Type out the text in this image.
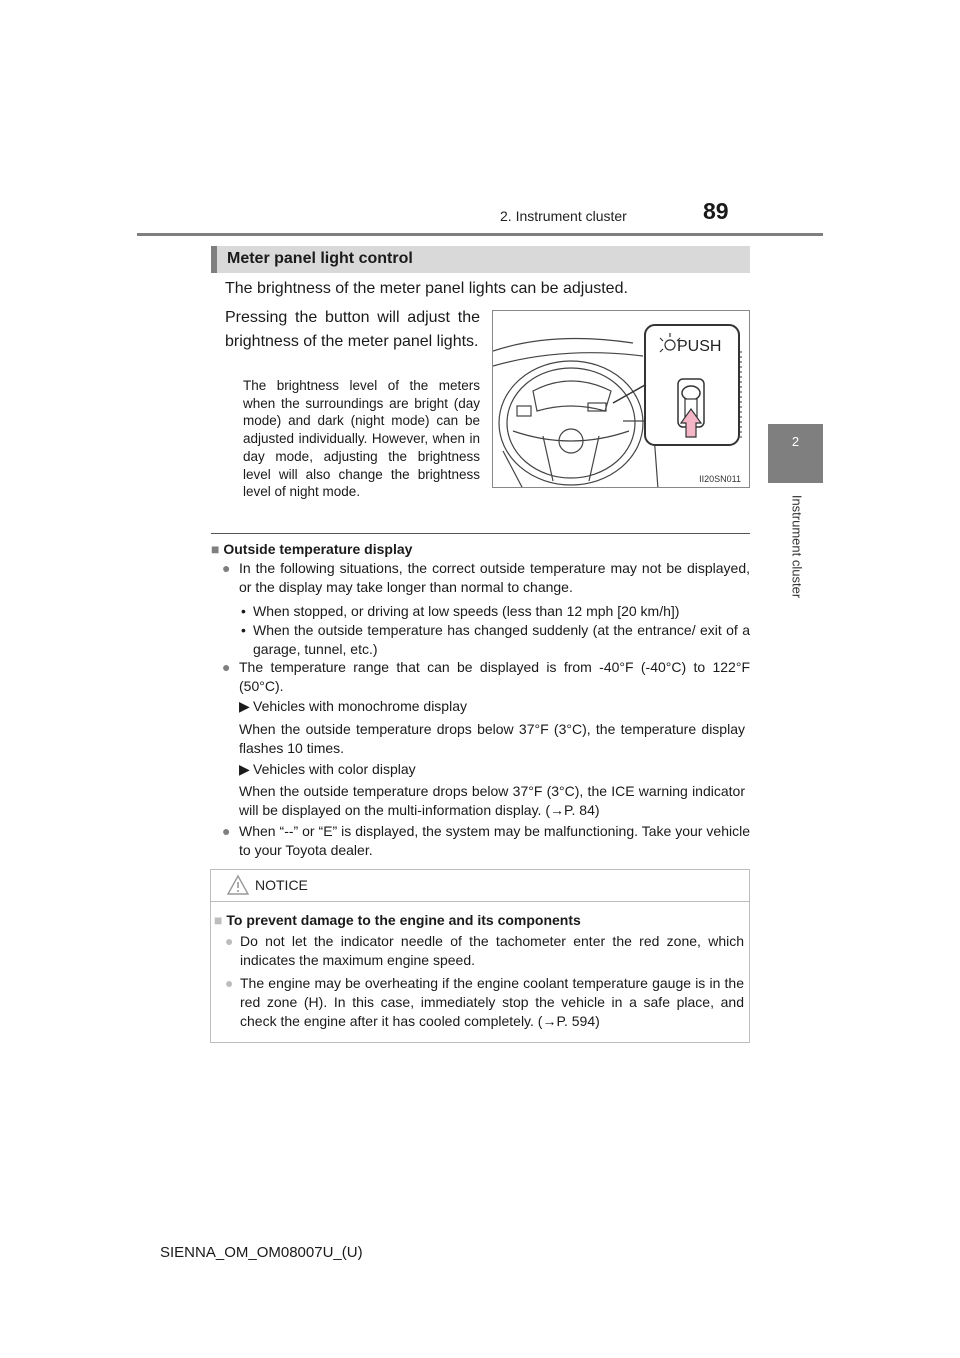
2. Instrument cluster	89
2
Instrument cluster
Meter panel light control
The brightness of the meter panel lights can be adjusted.
Pressing the button will adjust the brightness of the meter panel lights.
The brightness level of the meters when the surroundings are bright (day mode) and dark (night mode) can be adjusted individually. However, when in day mode, adjusting the brightness level will also change the brightness level of night mode.
PUSH
II20SN011
■ Outside temperature display
● In the following situations, the correct outside temperature may not be displayed, or the display may take longer than normal to change.
• When stopped, or driving at low speeds (less than 12 mph [20 km/h])
• When the outside temperature has changed suddenly (at the entrance/ exit of a garage, tunnel, etc.)
● The temperature range that can be displayed is from -40°F (-40°C) to 122°F (50°C).
▶ Vehicles with monochrome display
When the outside temperature drops below 37°F (3°C), the temperature display flashes 10 times.
▶ Vehicles with color display
When the outside temperature drops below 37°F (3°C), the ICE warning indicator will be displayed on the multi-information display. (→P. 84)
● When “--” or “E” is displayed, the system may be malfunctioning. Take your vehicle to your Toyota dealer.
NOTICE
■ To prevent damage to the engine and its components
● Do not let the indicator needle of the tachometer enter the red zone, which indicates the maximum engine speed.
● The engine may be overheating if the engine coolant temperature gauge is in the red zone (H). In this case, immediately stop the vehicle in a safe place, and check the engine after it has cooled completely. (→P. 594)
SIENNA_OM_OM08007U_(U)
